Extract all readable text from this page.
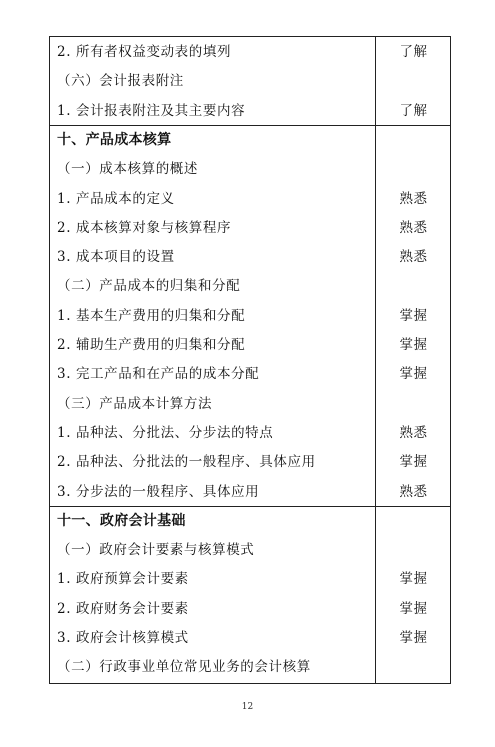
2. 所有者权益变动表的填列	了解
（六）会计报表附注
1. 会计报表附注及其主要内容	了解
十、产品成本核算
（一）成本核算的概述
1. 产品成本的定义	熟悉
2. 成本核算对象与核算程序	熟悉
3. 成本项目的设置	熟悉
（二）产品成本的归集和分配
1. 基本生产费用的归集和分配	掌握
2. 辅助生产费用的归集和分配	掌握
3. 完工产品和在产品的成本分配	掌握
（三）产品成本计算方法
1. 品种法、分批法、分步法的特点	熟悉
2. 品种法、分批法的一般程序、具体应用	掌握
3. 分步法的一般程序、具体应用	熟悉
十一、政府会计基础
（一）政府会计要素与核算模式
1. 政府预算会计要素	掌握
2. 政府财务会计要素	掌握
3. 政府会计核算模式	掌握
（二）行政事业单位常见业务的会计核算
12
